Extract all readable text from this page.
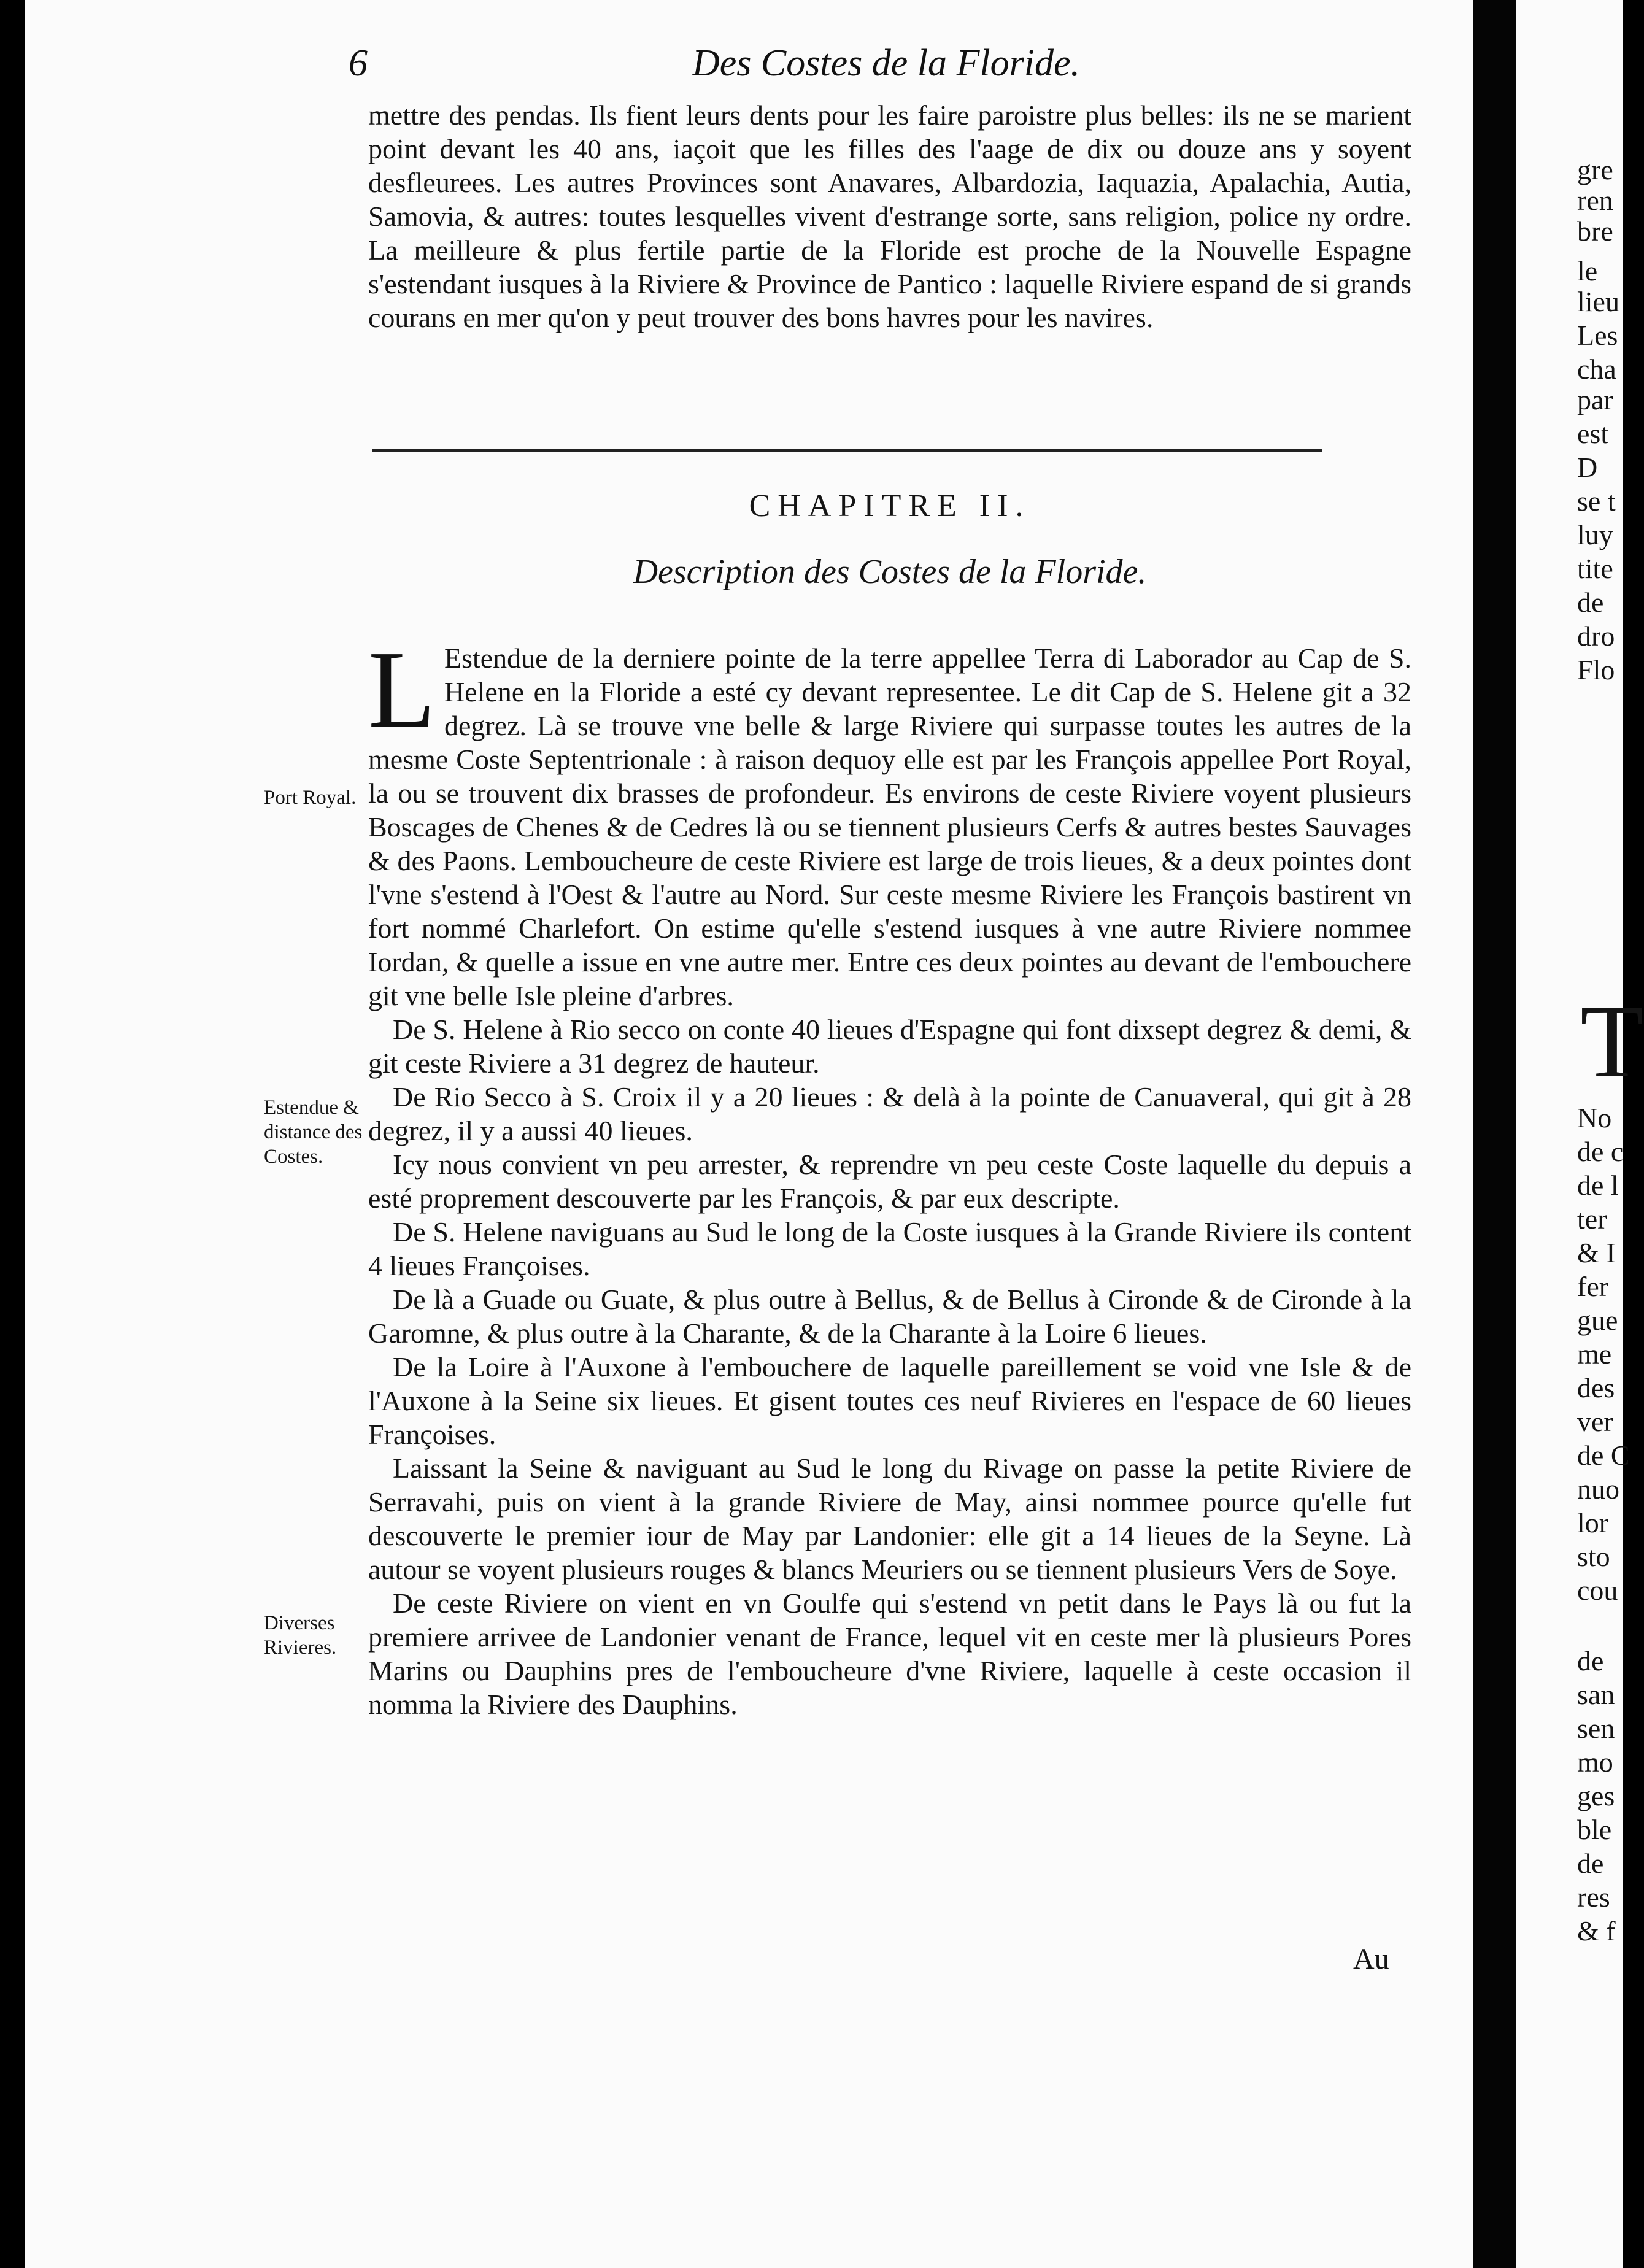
6	Des Costes de la Floride.

mettre des pendas. Ils fient leurs dents pour les faire paroistre plus belles: ils ne se marient point devant les 40 ans, iaçoit que les filles des l'aage de dix ou douze ans y soyent desfleurees. Les autres Provinces sont Anavares, Albardozia, Iaquazia, Apalachia, Autia, Samovia, & autres: toutes lesquelles vivent d'estrange sorte, sans religion, police ny ordre. La meilleure & plus fertile partie de la Floride est proche de la Nouvelle Espagne s'estendant iusques à la Riviere & Province de Pantico : laquelle Riviere espand de si grands courans en mer qu'on y peut trouver des bons havres pour les navires.

CHAPITRE II.
Description des Costes de la Floride.

L Estendue de la derniere pointe de la terre appellee Terra di Laborador au Cap de S. Helene en la Floride a esté cy devant representee. Le dit Cap de S. Helene git a 32 degrez. Là se trouve vne belle & large Riviere qui surpasse toutes les autres de la mesme Coste Septentrionale : à raison dequoy elle est par les François appellee Port Royal, la ou se trouvent dix brasses de profondeur. Es environs de ceste Riviere voyent plusieurs Boscages de Chenes & de Cedres là ou se tiennent plusieurs Cerfs & autres bestes Sauvages & des Paons. Lembouchеure de ceste Riviere est large de trois lieues, & a deux pointes dont l'vne s'estend à l'Oest & l'autre au Nord. Sur ceste mesme Riviere les François bastirent vn fort nommé Charlefort. On estime qu'elle s'estend iusques à vne autre Riviere nommee Iordan, & quelle a issue en vne autre mer. Entre ces deux pointes au devant de l'embouchere git vne belle Isle pleine d'arbres.

De S. Helene à Rio secco on conte 40 lieues d'Espagne qui font dixsept degrez & demi, & git ceste Riviere a 31 degrez de hauteur.

De Rio Secco à S. Croix il y a 20 lieues : & delà à la pointe de Canuaveral, qui git à 28 degrez, il y a aussi 40 lieues.

Icy nous convient vn peu arrester, & reprendre vn peu ceste Coste laquelle du depuis a esté proprement descouverte par les François, & par eux descripte.

De S. Helene naviguans au Sud le long de la Coste iusques à la Grande Riviere ils content 4 lieues Françoises.

De là a Guade ou Guate, & plus outre à Bellus, & de Bellus à Cironde & de Cironde à la Garomne, & plus outre à la Charante, & de la Charante à la Loire 6 lieues.

De la Loire à l'Auxone à l'embouchere de laquelle pareillement se void vne Isle & de l'Auxone à la Seine six lieues. Et gisent toutes ces neuf Rivieres en l'espace de 60 lieues Françoises.

Laissant la Seine & naviguant au Sud le long du Rivage on passe la petite Riviere de Serravahi, puis on vient à la grande Riviere de May, ainsi nommee pource qu'elle fut descouverte le premier iour de May par Landonier: elle git a 14 lieues de la Seyne. Là autour se voyent plusieurs rouges & blancs Meuriers ou se tiennent plusieurs Vers de Soye.

De ceste Riviere on vient en vn Goulfe qui s'estend vn petit dans le Pays là ou fut la premiere arrivee de Landonier venant de France, lequel vit en ceste mer là plusieurs Pores Marins ou Dauphins pres de l'embouchеure d'vne Riviere, laquelle à ceste occasion il nomma la Riviere des Dauphins.

Port Royal.
Estendue & distance des Costes.
Diverses Rivieres.

Au
gre
ren
bre
le
lieu
Les
cha
par
est
D
se t
luy
tite
de
dro
Flo
T
No
de c
de l
ter
& I
fer
gue
me
des
ver
de C
nuo
lor
sto
cou
de
san
sen
mo
ges
ble
de
res
& f
